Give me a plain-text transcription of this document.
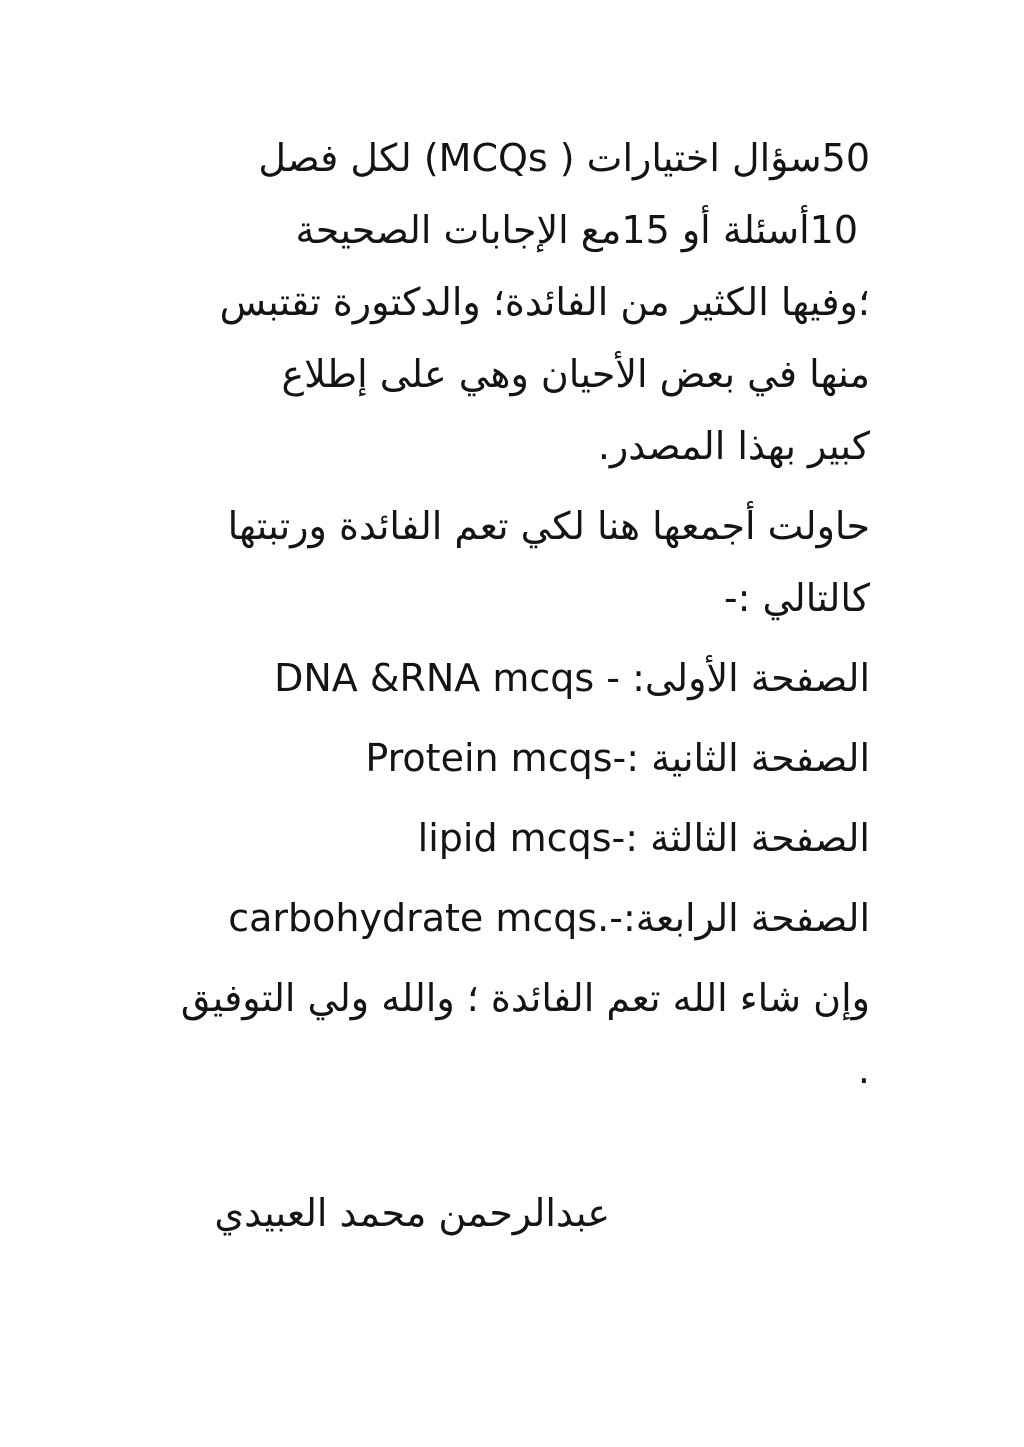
50سؤال اختيارات ( MCQs) لكل فصل
10أسئلة أو 15مع الإجابات الصحيحة
؛وفيها الكثير من الفائدة؛ والدكتورة تقتبس
منها في بعض الأحيان وهي على إطلاع
كبير بهذا المصدر.
حاولت أجمعها هنا لكي تعم الفائدة ورتبتها كالتالي :-
الصفحة الأولى: - DNA &RNA mcqs
الصفحة الثانية :-Protein mcqs
الصفحة الثالثة :-lipid mcqs
الصفحة الرابعة:-carbohydrate mcqs.
وإن شاء الله تعم الفائدة ؛ والله ولي التوفيق .
عبدالرحمن محمد العبيدي
